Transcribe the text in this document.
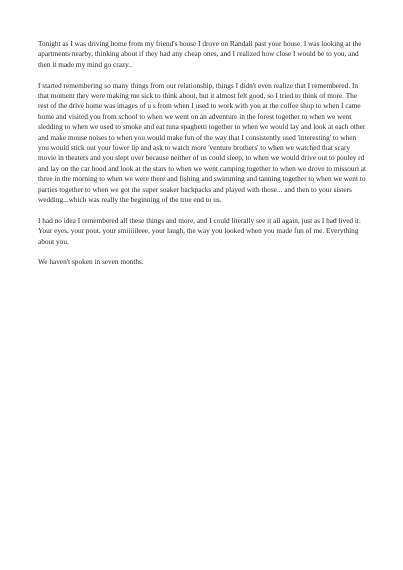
Tonight as I was driving home from my friend's house I drove on Randall past your house. I was looking at the apartments nearby, thinking about if they had any cheap ones, and I realized how close I would be to you, and then it made my mind go crazy..

I started remembering so many things from our relationship, things I didn't even realize that I remembered. In that moment they were making me sick to think about, but it almost felt good, so I tried to think of more. The rest of the drive home was images of u s from when I used to work with you at the coffee shop to when I came home and visited you from school to when we went on an adventure in the forest together to when we went sledding to when we used to smoke and eat tuna spaghetti together to when we would lay and look at each other and make mouse noises to when you would make fun of the way that I consistently used 'interesting' to when you would stick out your lower lip and ask to watch more 'venture brothers' to when we watched that scary movie in theaters and you slept over because neither of us could sleep, to when we would drive out to pouley rd and lay on the car hood and look at the stars to when we went camping together to when we drove to missouri at three in the morning to when we were there and fishing and swimming and tanning together to when we went to parties together to when we got the super soaker backpacks and played with those... and then to your sisters wedding...which was really the beginning of the true end to us.

I had no idea I remembered all these things and more, and I could literally see it all again, just as I had lived it. Your eyes, your pout, your smiiiiileee, your laugh, the way you looked when you made fun of me. Everything about you.

We haven't spoken in seven months.
